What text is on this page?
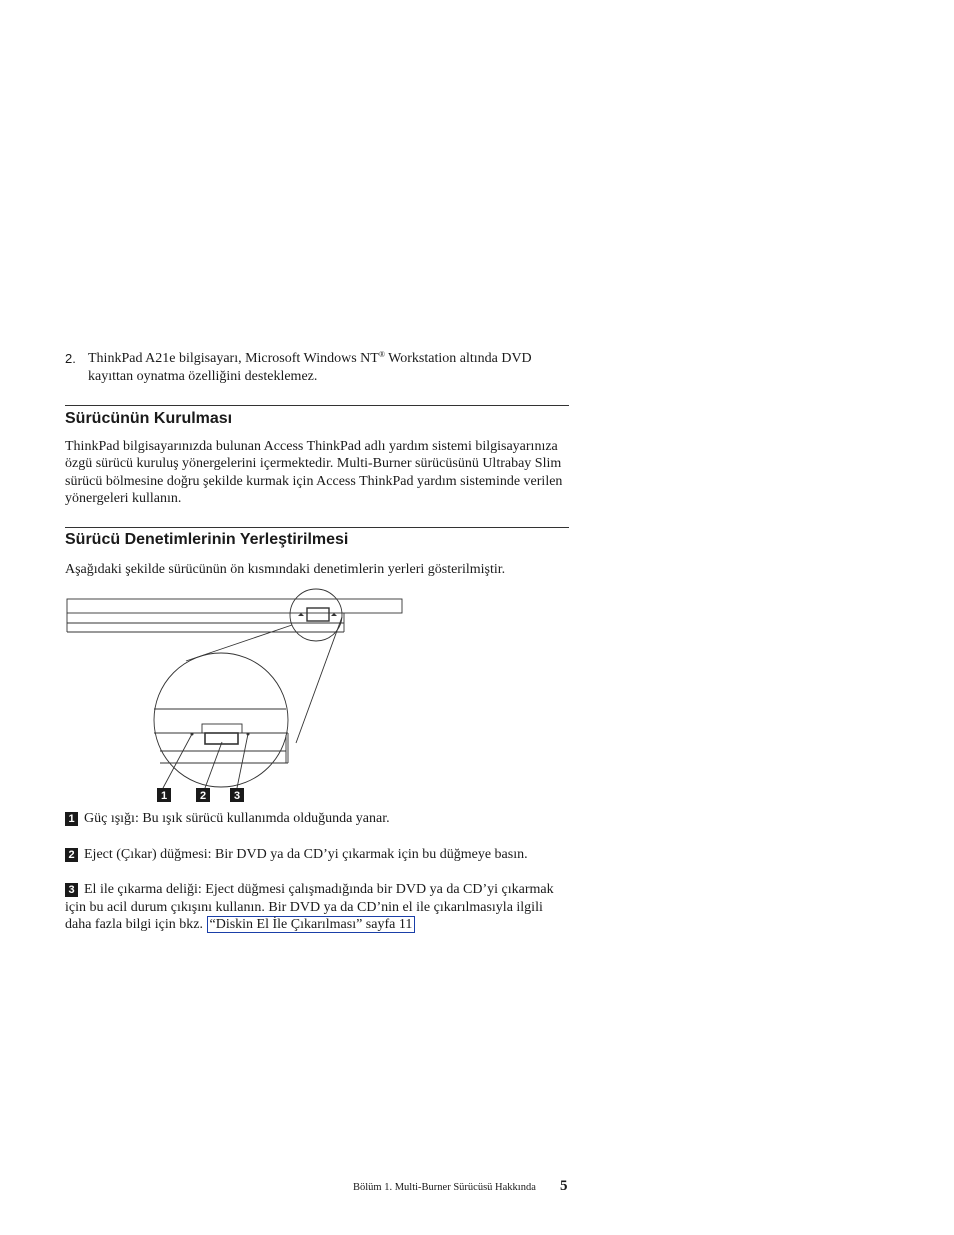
2. ThinkPad A21e bilgisayarı, Microsoft Windows NT® Workstation altında DVD kayıttan oynatma özelliğini desteklemez.
Sürücünün Kurulması
ThinkPad bilgisayarınızda bulunan Access ThinkPad adlı yardım sistemi bilgisayarınıza özgü sürücü kuruluş yönergelerini içermektedir. Multi-Burner sürücüsünü Ultrabay Slim sürücü bölmesine doğru şekilde kurmak için Access ThinkPad yardım sisteminde verilen yönergeleri kullanın.
Sürücü Denetimlerinin Yerleştirilmesi
Aşağıdaki şekilde sürücünün ön kısmındaki denetimlerin yerleri gösterilmiştir.
1	2	3
1 Güç ışığı: Bu ışık sürücü kullanımda olduğunda yanar.
2 Eject (Çıkar) düğmesi: Bir DVD ya da CD’yi çıkarmak için bu düğmeye basın.
3 El ile çıkarma deliği: Eject düğmesi çalışmadığında bir DVD ya da CD’yi çıkarmak için bu acil durum çıkışını kullanın. Bir DVD ya da CD’nin el ile çıkarılmasıyla ilgili daha fazla bilgi için bkz. “Diskin El İle Çıkarılması” sayfa 11
Bölüm 1. Multi-Burner Sürücüsü Hakkında 5
